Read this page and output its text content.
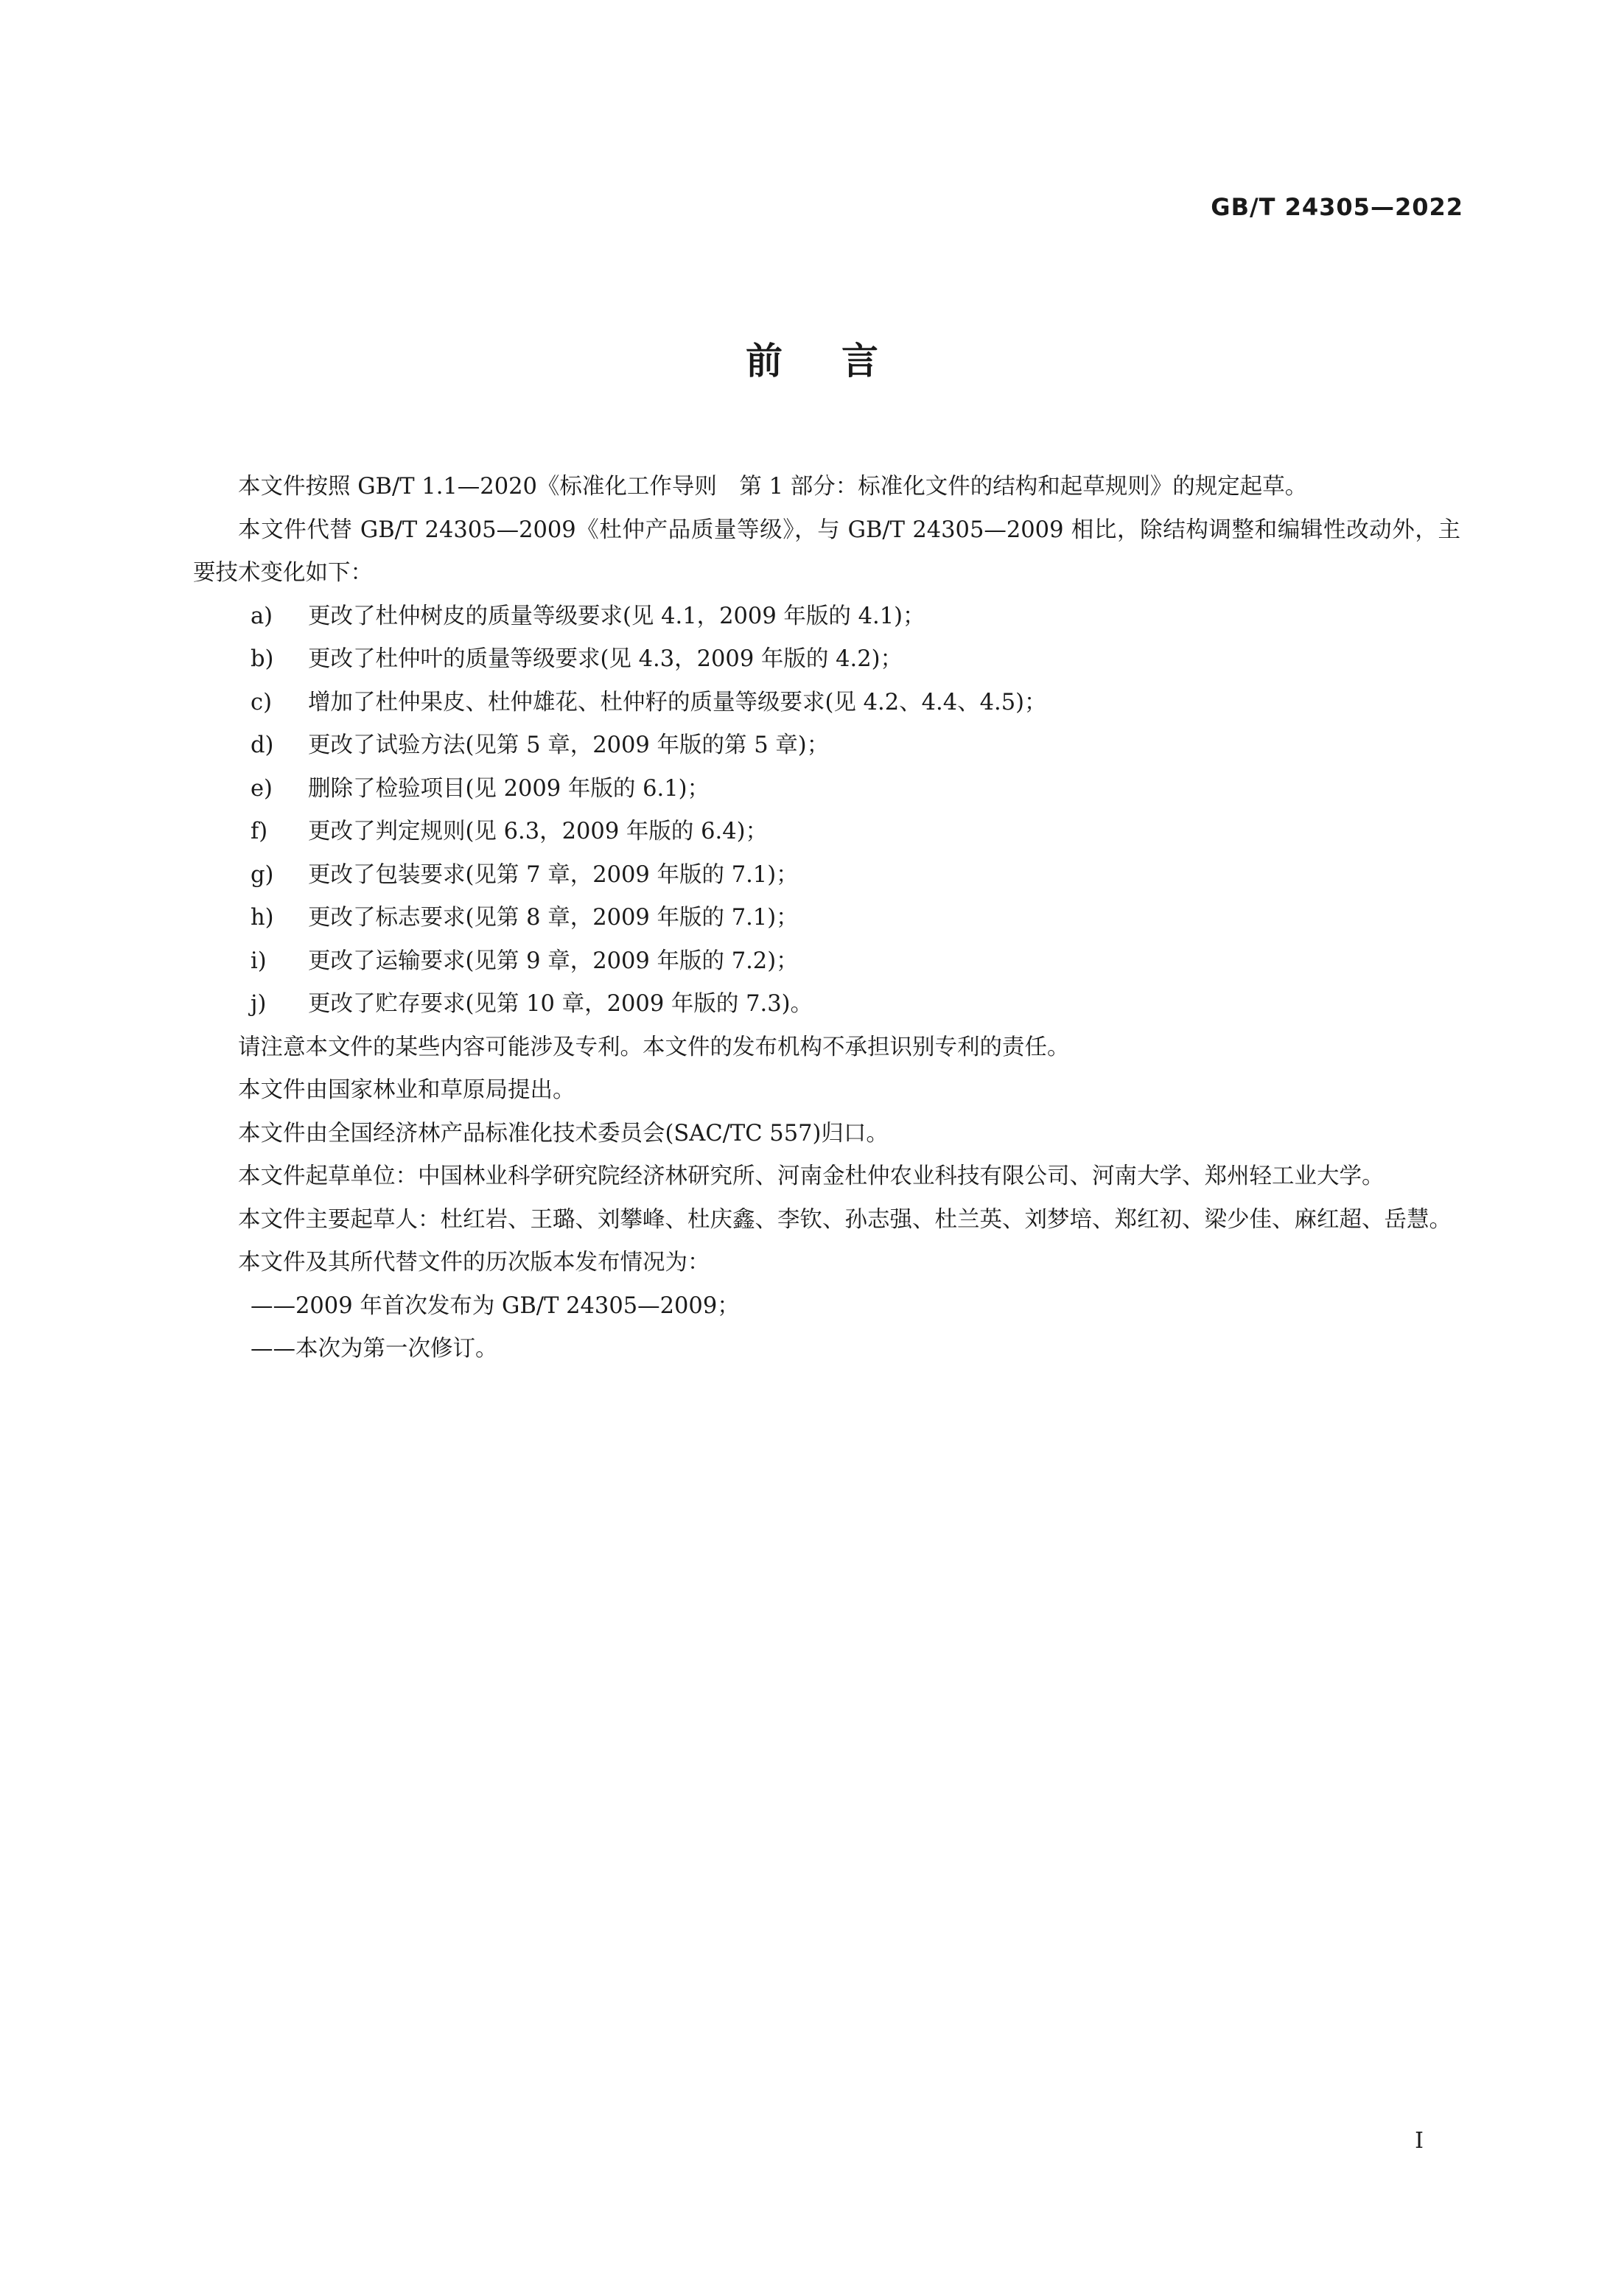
GB/T 24305—2022
前言

本文件按照 GB/T 1.1—2020《标准化工作导则　第 1 部分：标准化文件的结构和起草规则》的规定起草。

本文件代替 GB/T 24305—2009《杜仲产品质量等级》，与 GB/T 24305—2009 相比，除结构调整和编辑性改动外，主要技术变化如下：

a)	更改了杜仲树皮的质量等级要求(见 4.1，2009 年版的 4.1)；
b)	更改了杜仲叶的质量等级要求(见 4.3，2009 年版的 4.2)；
c)	增加了杜仲果皮、杜仲雄花、杜仲籽的质量等级要求(见 4.2、4.4、4.5)；
d)	更改了试验方法(见第 5 章，2009 年版的第 5 章)；
e)	删除了检验项目(见 2009 年版的 6.1)；
f)	更改了判定规则(见 6.3，2009 年版的 6.4)；
g)	更改了包装要求(见第 7 章，2009 年版的 7.1)；
h)	更改了标志要求(见第 8 章，2009 年版的 7.1)；
i)	更改了运输要求(见第 9 章，2009 年版的 7.2)；
j)	更改了贮存要求(见第 10 章，2009 年版的 7.3)。

请注意本文件的某些内容可能涉及专利。本文件的发布机构不承担识别专利的责任。

本文件由国家林业和草原局提出。

本文件由全国经济林产品标准化技术委员会(SAC/TC 557)归口。

本文件起草单位：中国林业科学研究院经济林研究所、河南金杜仲农业科技有限公司、河南大学、郑州轻工业大学。

本文件主要起草人：杜红岩、王璐、刘攀峰、杜庆鑫、李钦、孙志强、杜兰英、刘梦培、郑红初、梁少佳、麻红超、岳慧。

本文件及其所代替文件的历次版本发布情况为：

——2009 年首次发布为 GB/T 24305—2009；
——本次为第一次修订。
I
